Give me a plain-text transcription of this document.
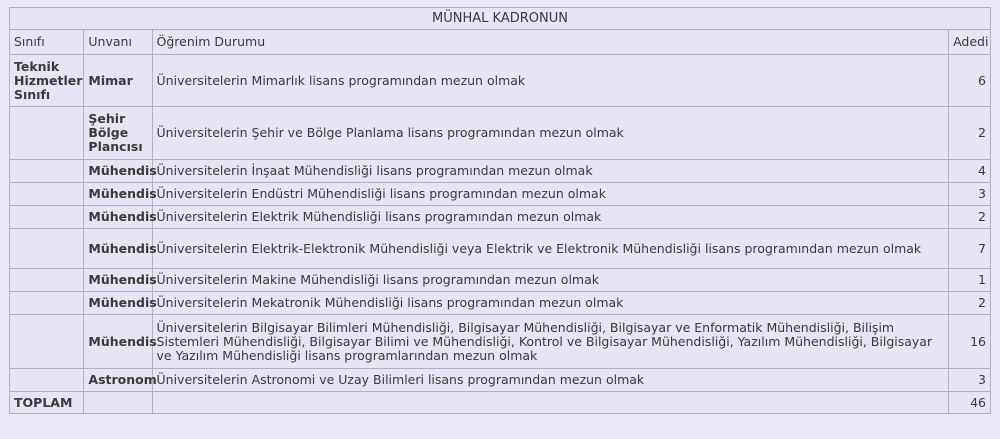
MÜNHAL KADRONUN			
Sınıfı	Unvanı	Öğrenim Durumu	Adedi
Teknik Hizmetler Sınıfı	Mimar	Üniversitelerin Mimarlık lisans programından mezun olmak	6
	Şehir Bölge Plancısı	Üniversitelerin Şehir ve Bölge Planlama lisans programından mezun olmak	2
	Mühendis	Üniversitelerin İnşaat Mühendisliği lisans programından mezun olmak	4
	Mühendis	Üniversitelerin Endüstri Mühendisliği lisans programından mezun olmak	3
	Mühendis	Üniversitelerin Elektrik Mühendisliği lisans programından mezun olmak	2
	Mühendis	Üniversitelerin Elektrik-Elektronik Mühendisliği veya Elektrik ve Elektronik Mühendisliği lisans programından mezun olmak	7
	Mühendis	Üniversitelerin Makine Mühendisliği lisans programından mezun olmak	1
	Mühendis	Üniversitelerin Mekatronik Mühendisliği lisans programından mezun olmak	2
	Mühendis	Üniversitelerin Bilgisayar Bilimleri Mühendisliği, Bilgisayar Mühendisliği, Bilgisayar ve Enformatik Mühendisliği, Bilişim Sistemleri Mühendisliği, Bilgisayar Bilimi ve Mühendisliği, Kontrol ve Bilgisayar Mühendisliği, Yazılım Mühendisliği, Bilgisayar ve Yazılım Mühendisliği lisans programlarından mezun olmak	16
	Astronom	Üniversitelerin Astronomi ve Uzay Bilimleri lisans programından mezun olmak	3
TOPLAM			46
